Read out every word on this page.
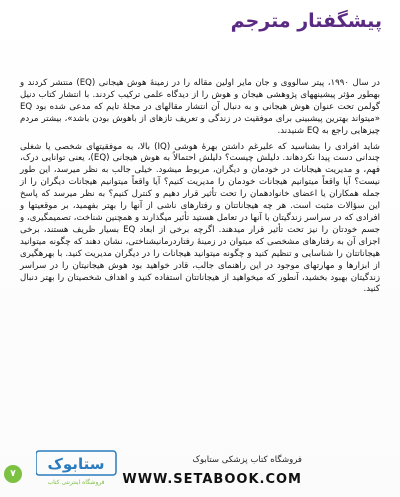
پیشگفتار مترجم

در سال ۱۹۹۰، پیتر سالووی و جان مایر اولین مقاله را در زمینهٔ هوش هیجانی (EQ) منتشر کردند و بهطور مؤثر پیشینههای پژوهشی هیجان و هوش را از دیدگاه علمی ترکیب کردند. با انتشار کتاب دنیل گولمن تحت عنوان هوش هیجانی و به دنبال آن انتشار مقالهای در مجلهٔ تایم که مدعی شده بود EQ «میتواند بهترین پیشبینی برای موفقیت در زندگی و تعریف تازهای از باهوش بودن باشد»، بیشتر مردم چیزهایی راجع به EQ شنیدند.

شاید افرادی را بشناسید که علیرغم داشتن بهرهٔ هوشی (IQ) بالا، به موفقیتهای شخصی یا شغلی چندانی دست پیدا نکردهاند. دلیلش چیست؟ دلیلش احتمالاً به هوش هیجانی (EQ)، یعنی توانایی درک، فهم، و مدیریت هیجانات در خودمان و دیگران، مربوط میشود. خیلی جالب به نظر میرسد، این طور نیست؟ آیا واقعاً میتوانیم هیجانات خودمان را مدیریت کنیم؟ آیا واقعاً میتوانیم هیجانات دیگران را از جمله همکاران یا اعضای خانوادهمان را تحت تأثیر قرار دهیم و کنترل کنیم؟ به نظر میرسد که پاسخ این سؤالات مثبت است. هر چه هیجاناتتان و رفتارهای ناشی از آنها را بهتر بفهمید، بر موقعیتها و افرادی که در سراسر زندگیتان با آنها در تعامل هستید تأثیر میگذارند و همچنین شناخت، تصمیمگیری، و جسم خودتان را نیز تحت تأثیر قرار میدهند. اگرچه برخی از ابعاد EQ بسیار ظریف هستند، برخی اجزای آن به رفتارهای مشخصی که میتوان در زمینهٔ رفتاردرمانیشناختی، نشان دهند که چگونه میتوانید هیجاناتتان را شناسایی و تنظیم کنید و چگونه میتوانید هیجانات را در دیگران مدیریت کنید. با بهرهگیری از ابزارها و مهارتهای موجود در این راهنمای جالب، قادر خواهید بود هوش هیجانیتان را در سراسر زندگیتان بهبود بخشید، آنطور که میخواهید از هیجاناتتان استفاده کنید و اهداف شخصیتان را بهتر دنبال کنید.

۷
ستابوک
فروشگاه اینترنتی کتاب
فروشگاه کتاب پزشکی ستابوک
WWW.SETABOOK.COM
